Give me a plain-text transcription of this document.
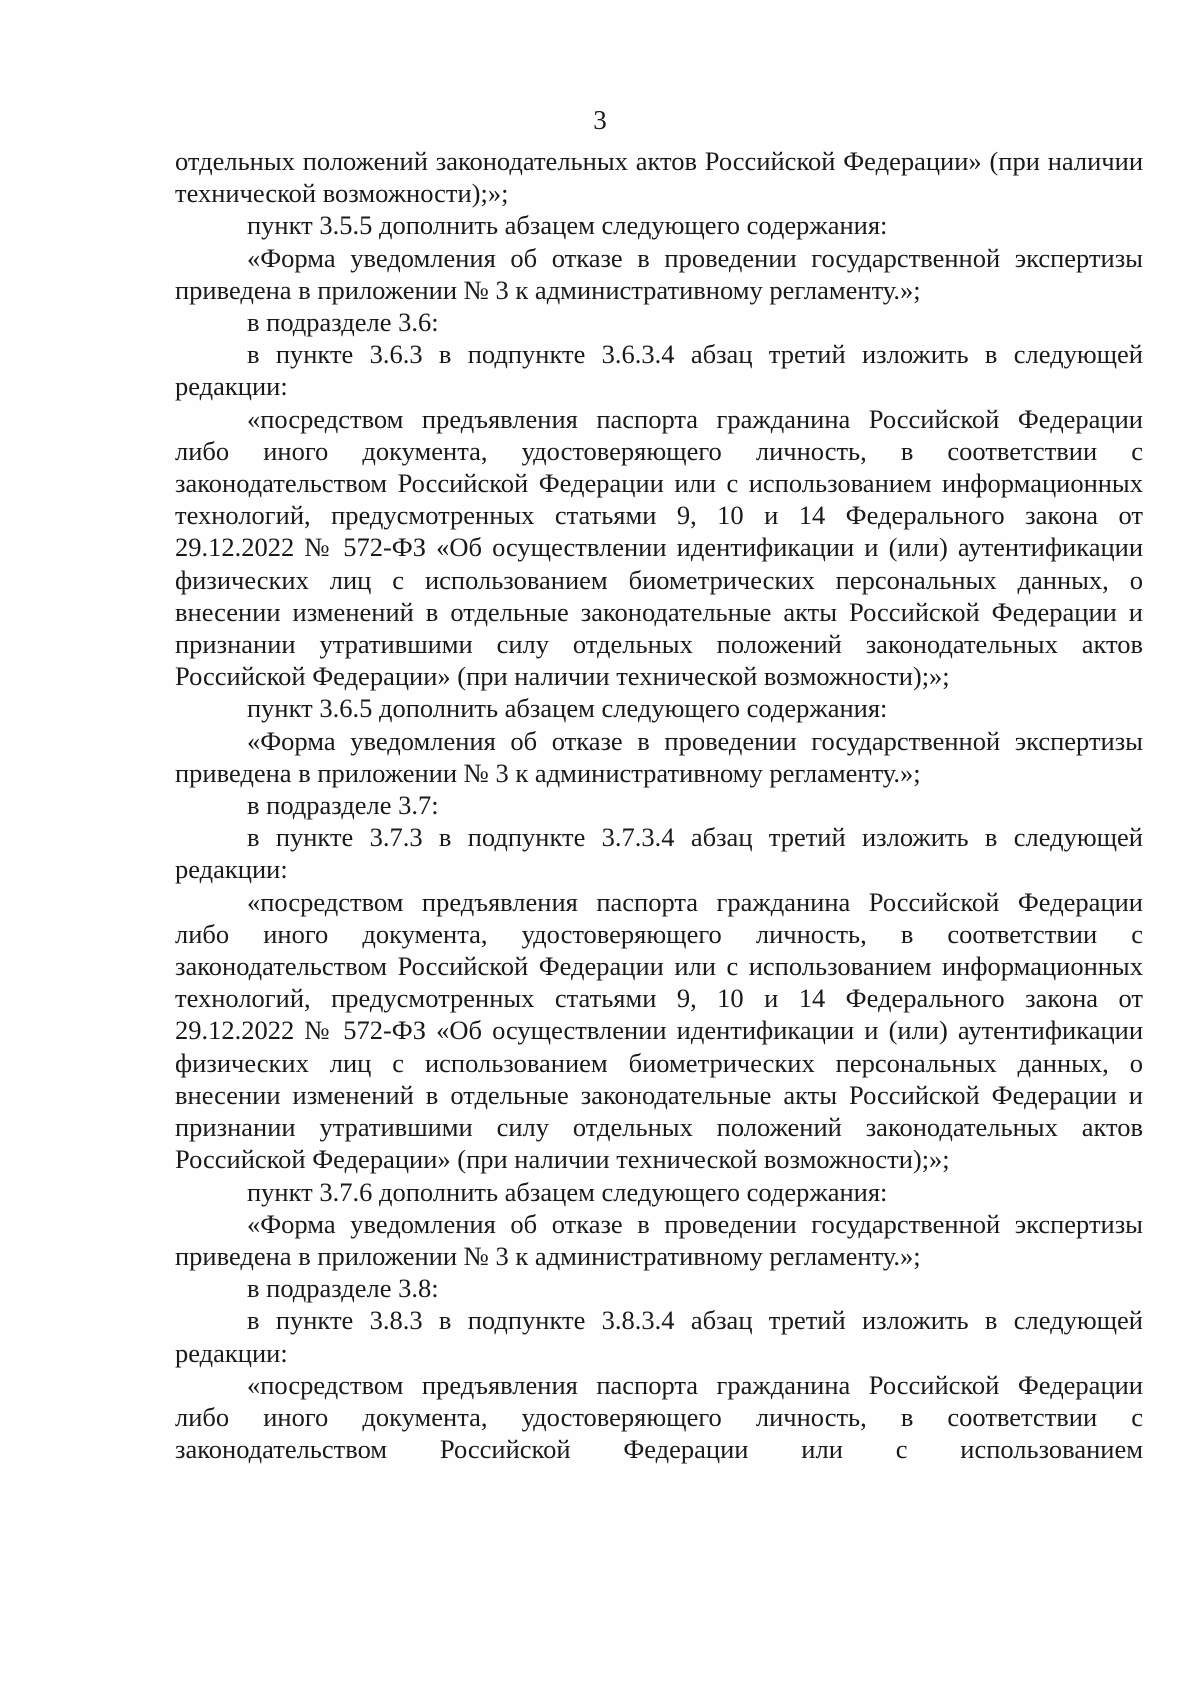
3

отдельных положений законодательных актов Российской Федерации» (при наличии технической возможности);»;

пункт 3.5.5 дополнить абзацем следующего содержания:

«Форма уведомления об отказе в проведении государственной экспертизы приведена в приложении № 3 к административному регламенту.»;

в подразделе 3.6:

в пункте 3.6.3 в подпункте 3.6.3.4 абзац третий изложить в следующей редакции:

«посредством предъявления паспорта гражданина Российской Федерации либо иного документа, удостоверяющего личность, в соответствии с законодательством Российской Федерации или с использованием информационных технологий, предусмотренных статьями 9, 10 и 14 Федерального закона от 29.12.2022 № 572-ФЗ «Об осуществлении идентификации и (или) аутентификации физических лиц с использованием биометрических персональных данных, о внесении изменений в отдельные законодательные акты Российской Федерации и признании утратившими силу отдельных положений законодательных актов Российской Федерации» (при наличии технической возможности);»;

пункт 3.6.5 дополнить абзацем следующего содержания:

«Форма уведомления об отказе в проведении государственной экспертизы приведена в приложении № 3 к административному регламенту.»;

в подразделе 3.7:

в пункте 3.7.3 в подпункте 3.7.3.4 абзац третий изложить в следующей редакции:

«посредством предъявления паспорта гражданина Российской Федерации либо иного документа, удостоверяющего личность, в соответствии с законодательством Российской Федерации или с использованием информационных технологий, предусмотренных статьями 9, 10 и 14 Федерального закона от 29.12.2022 № 572-ФЗ «Об осуществлении идентификации и (или) аутентификации физических лиц с использованием биометрических персональных данных, о внесении изменений в отдельные законодательные акты Российской Федерации и признании утратившими силу отдельных положений законодательных актов Российской Федерации» (при наличии технической возможности);»;

пункт 3.7.6 дополнить абзацем следующего содержания:

«Форма уведомления об отказе в проведении государственной экспертизы приведена в приложении № 3 к административному регламенту.»;

в подразделе 3.8:

в пункте 3.8.3 в подпункте 3.8.3.4 абзац третий изложить в следующей редакции:

«посредством предъявления паспорта гражданина Российской Федерации либо иного документа, удостоверяющего личность, в соответствии с законодательством Российской Федерации или с использованием
